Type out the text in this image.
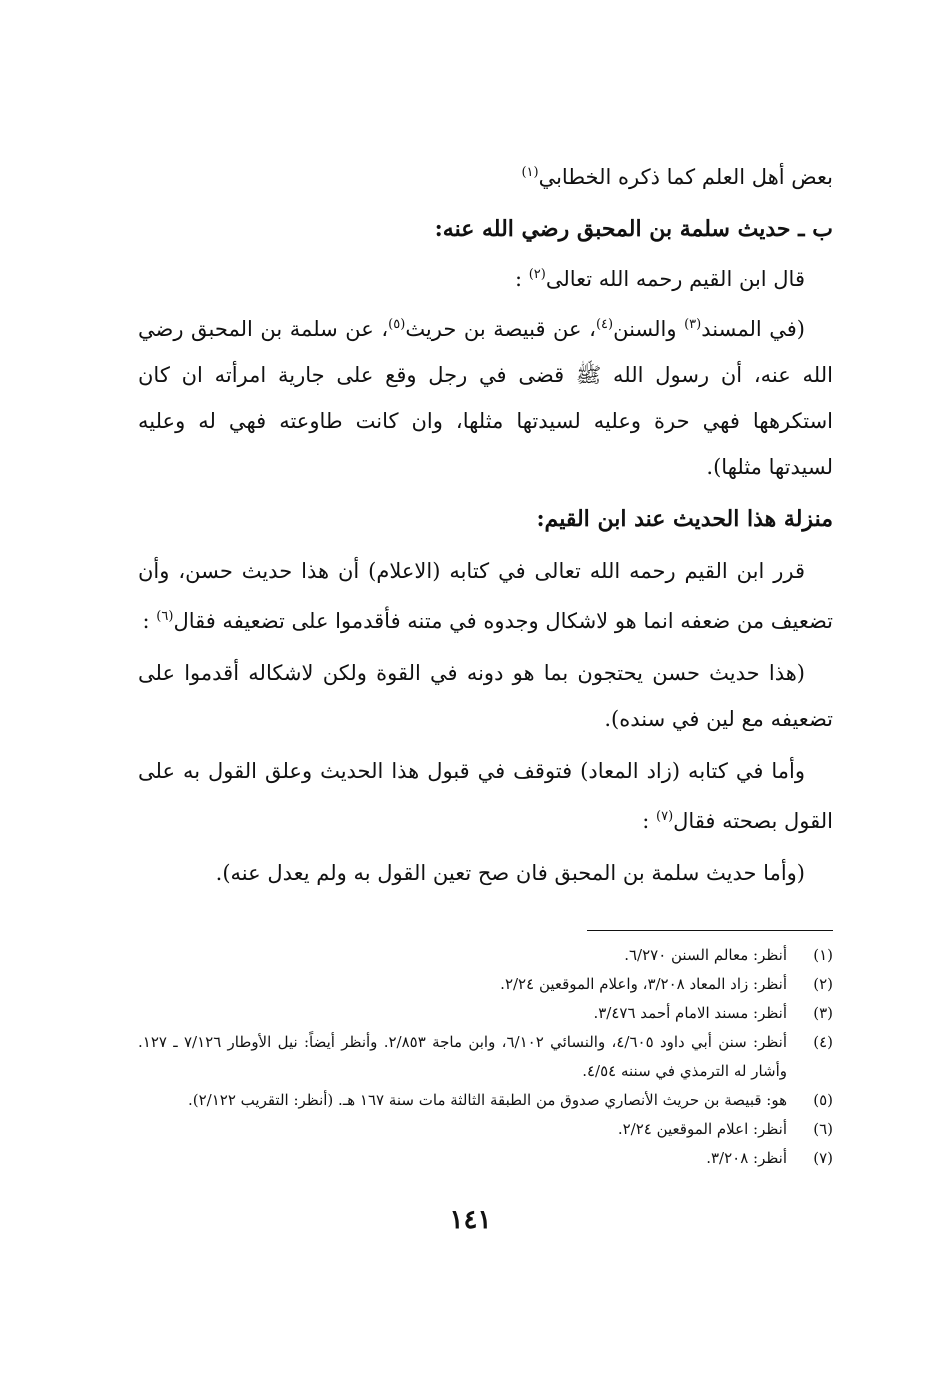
بعض أهل العلم كما ذكره الخطابي$^{(١)}$

ب ـ حديث سلمة بن المحبق رضي الله عنه:

قال ابن القيم رحمه الله تعالى$^{(٢)}$ :

(في المسند$^{(٣)}$ والسنن$^{(٤)}$، عن قبيصة بن حريث$^{(٥)}$، عن سلمة بن المحبق رضي الله عنه، أن رسول الله ﷺ قضى في رجل وقع على جارية امرأته ان كان استكرهها فهي حرة وعليه لسيدتها مثلها، وان كانت طاوعته فهي له وعليه لسيدتها مثلها).

منزلة هذا الحديث عند ابن القيم:

قرر ابن القيم رحمه الله تعالى في كتابه (الاعلام) أن هذا حديث حسن، وأن تضعيف من ضعفه انما هو لاشكال وجدوه في متنه فأقدموا على تضعيفه فقال$^{(٦)}$ :

(هذا حديث حسن يحتجون بما هو دونه في القوة ولكن لاشكاله أقدموا على تضعيفه مع لين في سنده).

وأما في كتابه (زاد المعاد) فتوقف في قبول هذا الحديث وعلق القول به على القول بصحته فقال$^{(٧)}$ :

(وأما حديث سلمة بن المحبق فان صح تعين القول به ولم يعدل عنه).

(١)
أنظر: معالم السنن ٦/٢٧٠.
(٢)
أنظر: زاد المعاد ٣/٢٠٨، واعلام الموقعين ٢/٢٤.
(٣)
أنظر: مسند الامام أحمد ٣/٤٧٦.
(٤)
أنظر: سنن أبي داود ٤/٦٠٥، والنسائي ٦/١٠٢، وابن ماجة ٢/٨٥٣. وأنظر أيضاً: نيل الأوطار ٧/١٢٦ ـ ١٢٧. وأشار له الترمذي في سننه ٤/٥٤.
(٥)
هو: قبيصة بن حريث الأنصاري صدوق من الطبقة الثالثة مات سنة ١٦٧ هـ. (أنظر: التقريب ٢/١٢٢).
(٦)
أنظر: اعلام الموقعين ٢/٢٤.
(٧)
أنظر: ٣/٢٠٨.
١٤١
